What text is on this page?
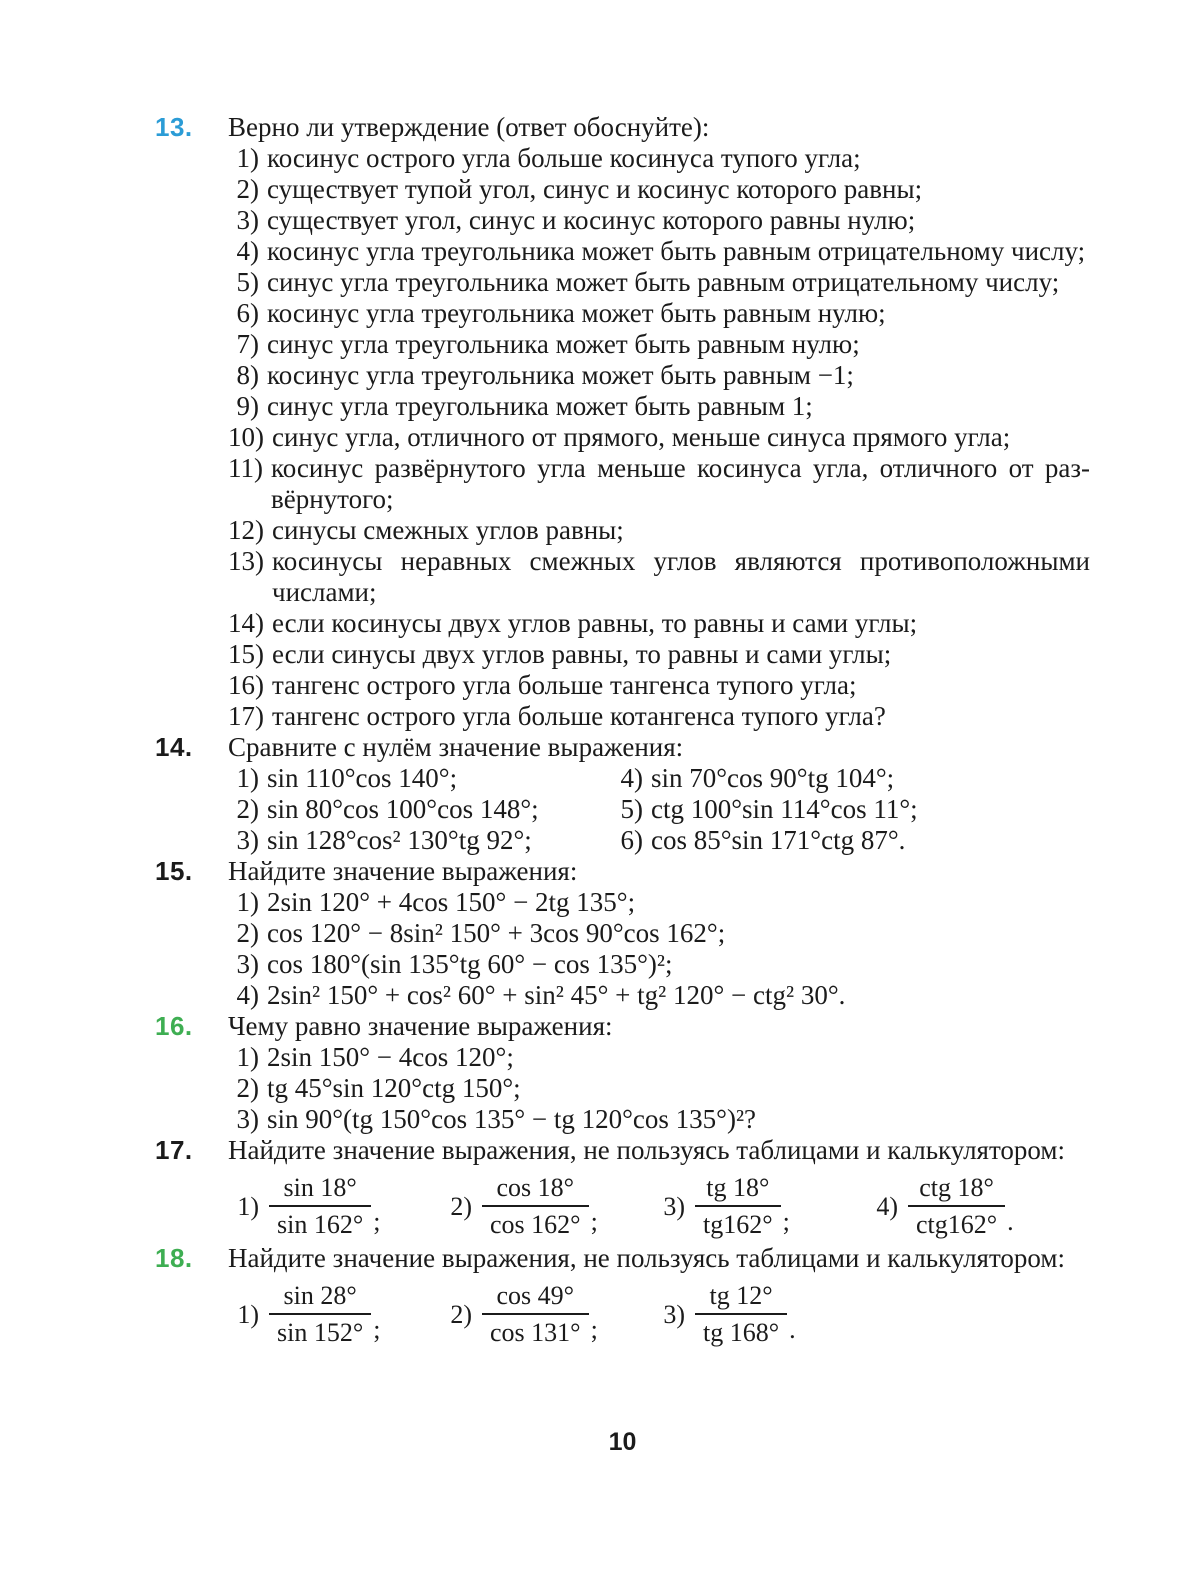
13.	Верно ли утверждение (ответ обоснуйте):
1) косинус острого угла больше косинуса тупого угла;
2) существует тупой угол, синус и косинус которого равны;
3) существует угол, синус и косинус которого равны нулю;
4) косинус угла треугольника может быть равным отрицательному числу;
5) синус угла треугольника может быть равным отрицательному числу;
6) косинус угла треугольника может быть равным нулю;
7) синус угла треугольника может быть равным нулю;
8) косинус угла треугольника может быть равным −1;
9) синус угла треугольника может быть равным 1;
10) синус угла, отличного от прямого, меньше синуса прямого угла;
11) косинус развёрнутого угла меньше косинуса угла, отличного от развёрнутого;
12) синусы смежных углов равны;
13) косинусы неравных смежных углов являются противоположными числами;
14) если косинусы двух углов равны, то равны и сами углы;
15) если синусы двух углов равны, то равны и сами углы;
16) тангенс острого угла больше тангенса тупого угла;
17) тангенс острого угла больше котангенса тупого угла?
14.	Сравните с нулём значение выражения:
1) sin 110°cos 140°;
2) sin 80°cos 100°cos 148°;
3) sin 128°cos² 130°tg 92°;
4) sin 70°cos 90°tg 104°;
5) ctg 100°sin 114°cos 11°;
6) cos 85°sin 171°ctg 87°.
15.	Найдите значение выражения:
1) 2sin 120° + 4cos 150° − 2tg 135°;
2) cos 120° − 8sin² 150° + 3cos 90°cos 162°;
3) cos 180°(sin 135°tg 60° − cos 135°)²;
4) 2sin² 150° + cos² 60° + sin² 45° + tg² 120° − ctg² 30°.
16.	Чему равно значение выражения:
1) 2sin 150° − 4cos 120°;
2) tg 45°sin 120°ctg 150°;
3) sin 90°(tg 150°cos 135° − tg 120°cos 135°)²?
17.	Найдите значение выражения, не пользуясь таблицами и калькулятором:
$1) \frac{\sin 18^\circ}{\sin 162^\circ}$ ;
$2) \frac{\cos 18^\circ}{\cos 162^\circ}$ ;
$3) \frac{tg 18^\circ}{tg162^\circ}$ ;
$4) \frac{\text{ctg 18°}}{\text{ctg162°}}$ .
18.	Найдите значение выражения, не пользуясь таблицами и калькулятором:
$1) \frac{\sin 28^\circ}{\sin 152^\circ}$ ;
$2) \frac{\cos 49^\circ}{\cos 131^\circ}$ ;
$3) \frac{tg 12^\circ}{tg 168^\circ}$ .
10
